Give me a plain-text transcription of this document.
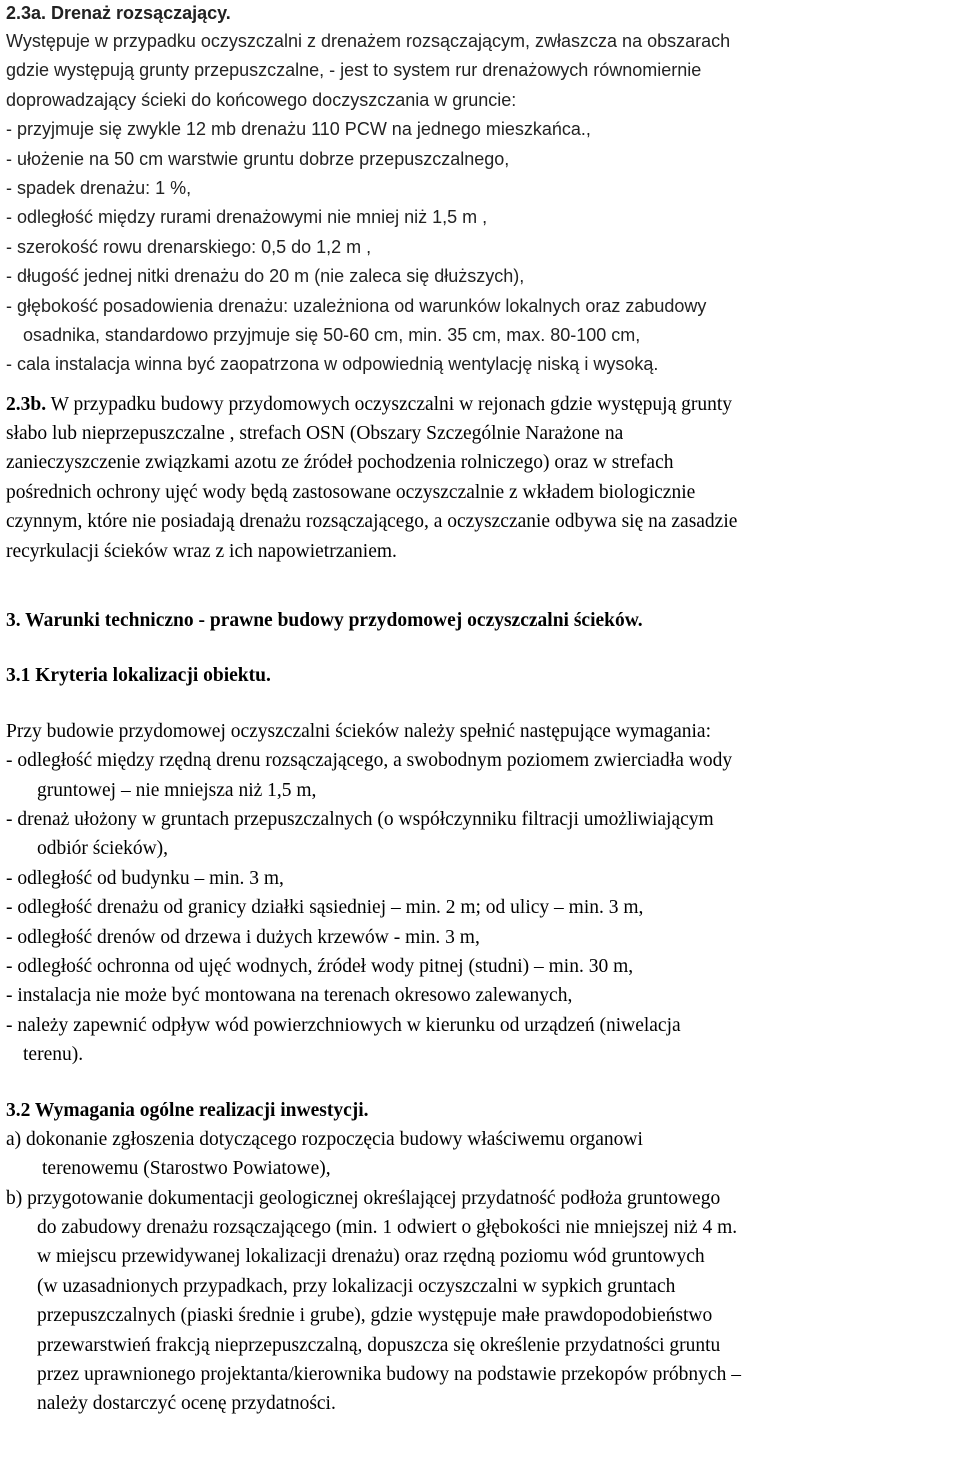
2.3a. Drenaż rozsączający.
Występuje w przypadku oczyszczalni z drenażem rozsączającym, zwłaszcza na obszarach
gdzie występują grunty przepuszczalne, - jest to system rur drenażowych równomiernie
doprowadzający ścieki do końcowego doczyszczania w gruncie:
- przyjmuje się zwykle 12 mb drenażu 110 PCW na jednego mieszkańca.,
- ułożenie na 50 cm warstwie gruntu dobrze przepuszczalnego,
- spadek drenażu: 1 %,
- odległość między rurami drenażowymi nie mniej niż 1,5 m ,
- szerokość rowu drenarskiego: 0,5 do 1,2 m ,
- długość jednej nitki drenażu do 20 m (nie zaleca się dłuższych),
- głębokość posadowienia drenażu: uzależniona od warunków lokalnych oraz zabudowy
osadnika, standardowo przyjmuje się 50-60 cm, min. 35 cm, max. 80-100 cm,
- cala instalacja winna być zaopatrzona w odpowiednią wentylację niską i wysoką.
2.3b. W przypadku budowy przydomowych oczyszczalni w rejonach gdzie występują grunty
słabo lub nieprzepuszczalne , strefach OSN (Obszary Szczególnie Narażone na
zanieczyszczenie związkami azotu ze źródeł pochodzenia rolniczego) oraz w strefach
pośrednich ochrony ujęć wody będą zastosowane oczyszczalnie z wkładem biologicznie
czynnym, które nie posiadają drenażu rozsączającego, a oczyszczanie odbywa się na zasadzie
recyrkulacji ścieków wraz z ich napowietrzaniem.
3. Warunki techniczno - prawne budowy przydomowej oczyszczalni ścieków.
3.1 Kryteria lokalizacji obiektu.
Przy budowie przydomowej oczyszczalni ścieków należy spełnić następujące wymagania:
- odległość między rzędną drenu rozsączającego, a swobodnym poziomem zwierciadła wody
gruntowej – nie mniejsza niż 1,5 m,
- drenaż ułożony w gruntach przepuszczalnych (o współczynniku filtracji umożliwiającym
odbiór ścieków),
- odległość od budynku – min. 3 m,
- odległość drenażu od granicy działki sąsiedniej – min. 2 m; od ulicy – min. 3 m,
- odległość drenów od drzewa i dużych krzewów - min. 3 m,
- odległość ochronna od ujęć wodnych, źródeł wody pitnej (studni) – min. 30 m,
- instalacja nie może być montowana na terenach okresowo zalewanych,
- należy zapewnić odpływ wód powierzchniowych w kierunku od urządzeń (niwelacja
terenu).
3.2 Wymagania ogólne realizacji inwestycji.
a) dokonanie zgłoszenia dotyczącego rozpoczęcia budowy właściwemu organowi
terenowemu (Starostwo Powiatowe),
b) przygotowanie dokumentacji geologicznej określającej przydatność podłoża gruntowego
do zabudowy drenażu rozsączającego (min. 1 odwiert o głębokości nie mniejszej niż 4 m.
w miejscu przewidywanej lokalizacji drenażu) oraz rzędną poziomu wód gruntowych
(w uzasadnionych przypadkach, przy lokalizacji oczyszczalni w sypkich gruntach
przepuszczalnych (piaski średnie i grube), gdzie występuje małe prawdopodobieństwo
przewarstwień frakcją nieprzepuszczalną, dopuszcza się określenie przydatności gruntu
przez uprawnionego projektanta/kierownika budowy na podstawie przekopów próbnych –
należy dostarczyć ocenę przydatności.
